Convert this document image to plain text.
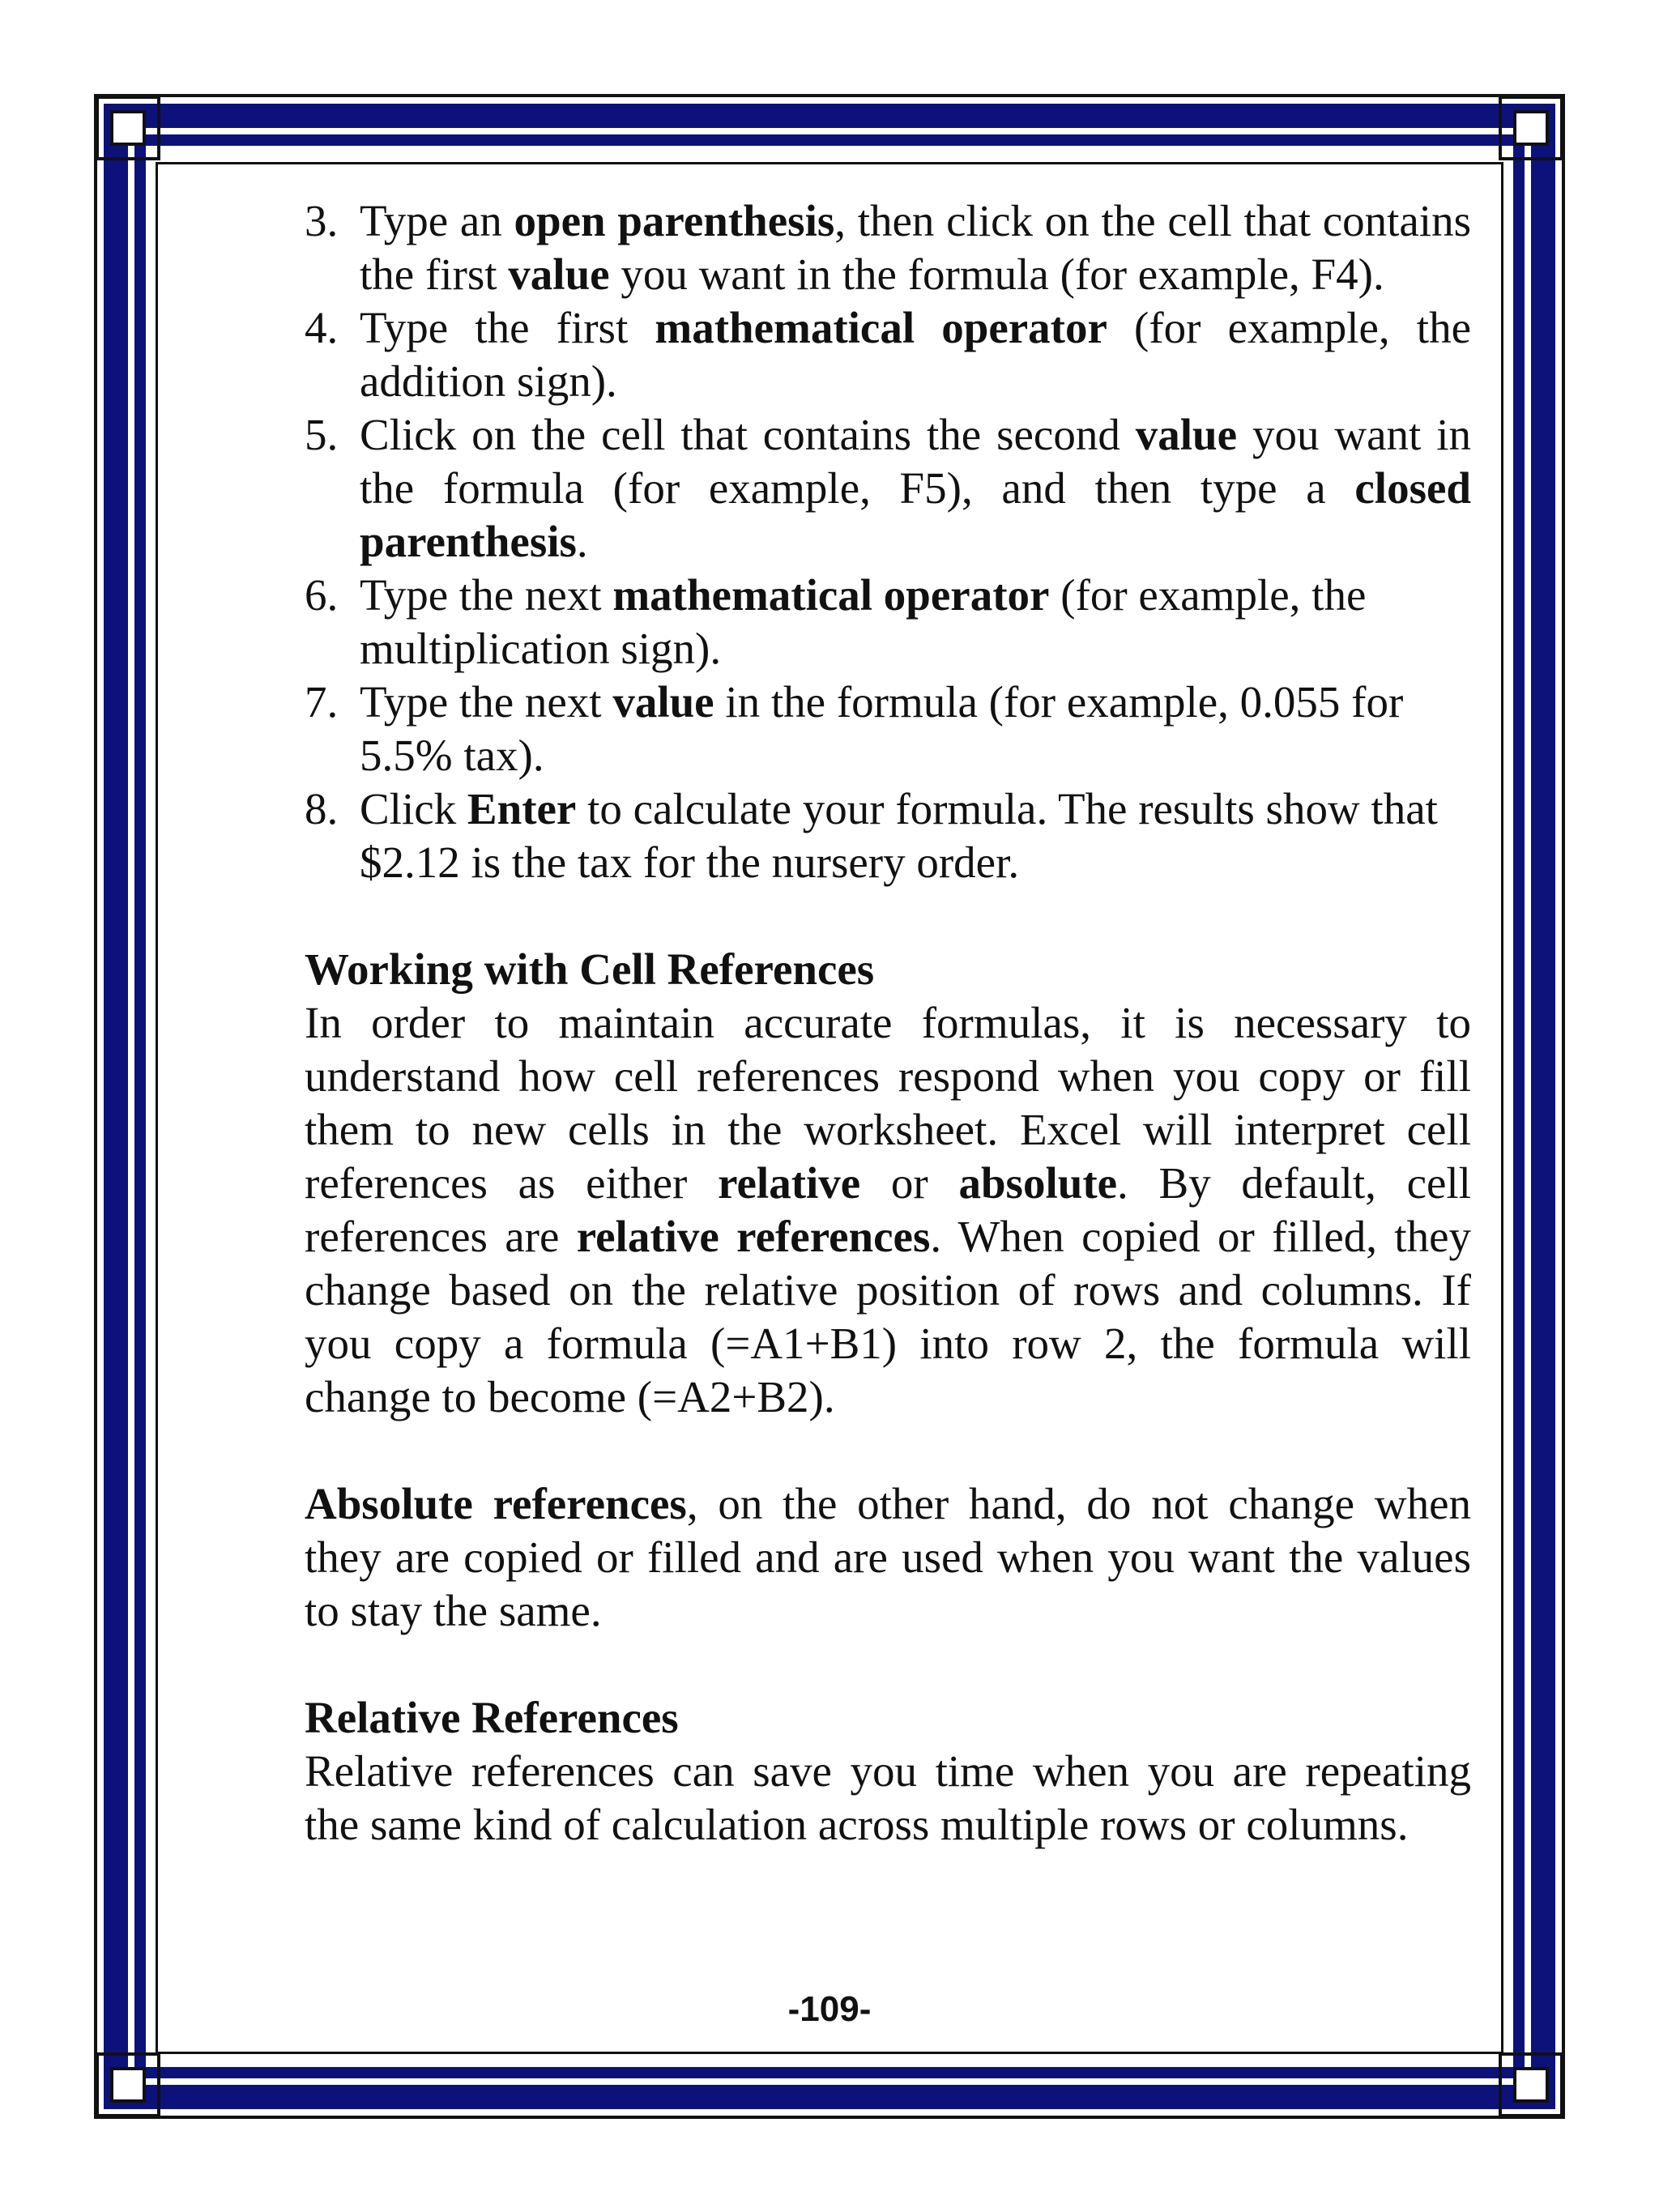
3. Type an open parenthesis, then click on the cell that contains the first value you want in the formula (for example, F4).

4. Type the first mathematical operator (for example, the addition sign).

5. Click on the cell that contains the second value you want in the formula (for example, F5), and then type a closed parenthesis.

6. Type the next mathematical operator (for example, the multiplication sign).

7. Type the next value in the formula (for example, 0.055 for 5.5% tax).

8. Click Enter to calculate your formula. The results show that $2.12 is the tax for the nursery order.

Working with Cell References

In order to maintain accurate formulas, it is necessary to understand how cell references respond when you copy or fill them to new cells in the worksheet. Excel will interpret cell references as either relative or absolute. By default, cell references are relative references. When copied or filled, they change based on the relative position of rows and columns. If you copy a formula (=A1+B1) into row 2, the formula will change to become (=A2+B2).

Absolute references, on the other hand, do not change when they are copied or filled and are used when you want the values to stay the same.

Relative References

Relative references can save you time when you are repeating the same kind of calculation across multiple rows or columns.

-109-
